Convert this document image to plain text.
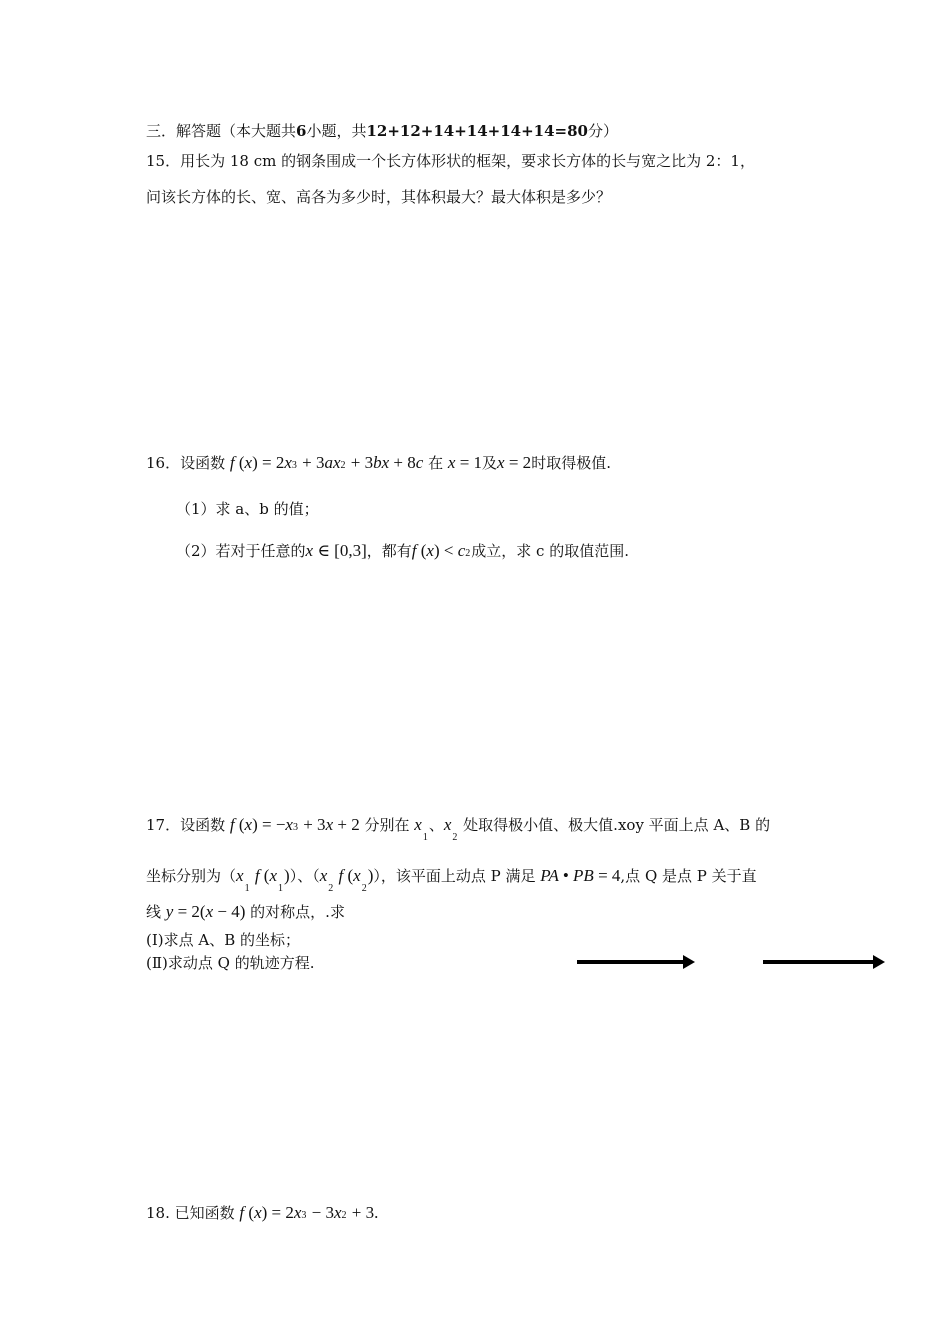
三．解答题（本大题共6小题，共12+12+14+14+14+14=80分）
15．用长为 18 cm 的钢条围成一个长方体形状的框架，要求长方体的长与宽之比为 2：1，
问该长方体的长、宽、高各为多少时，其体积最大？最大体积是多少？
16．设函数 f (x) = 2x3 + 3ax2 + 3bx + 8c 在 x = 1及x = 2时取得极值.
（1）求 a、b 的值；
（2）若对于任意的x ∈ [0,3]，都有f (x) < c2成立，求 c 的取值范围.
17．设函数 f (x) = −x3 + 3x + 2 分别在 $x_1$、$x_2$ 处取得极小值、极大值.xoy 平面上点 A、B 的
坐标分别为（$x_1$ f $(x_1)$）、（$x_2$ f $(x_2)$），该平面上动点 P 满足 PA • PB = 4,点 Q 是点 P 关于直
线 y = 2(x − 4) 的对称点，.求
(Ⅰ)求点 A、B 的坐标；
(Ⅱ)求动点 Q 的轨迹方程.
18. 已知函数 f (x) = 2x3 − 3x2 + 3.
